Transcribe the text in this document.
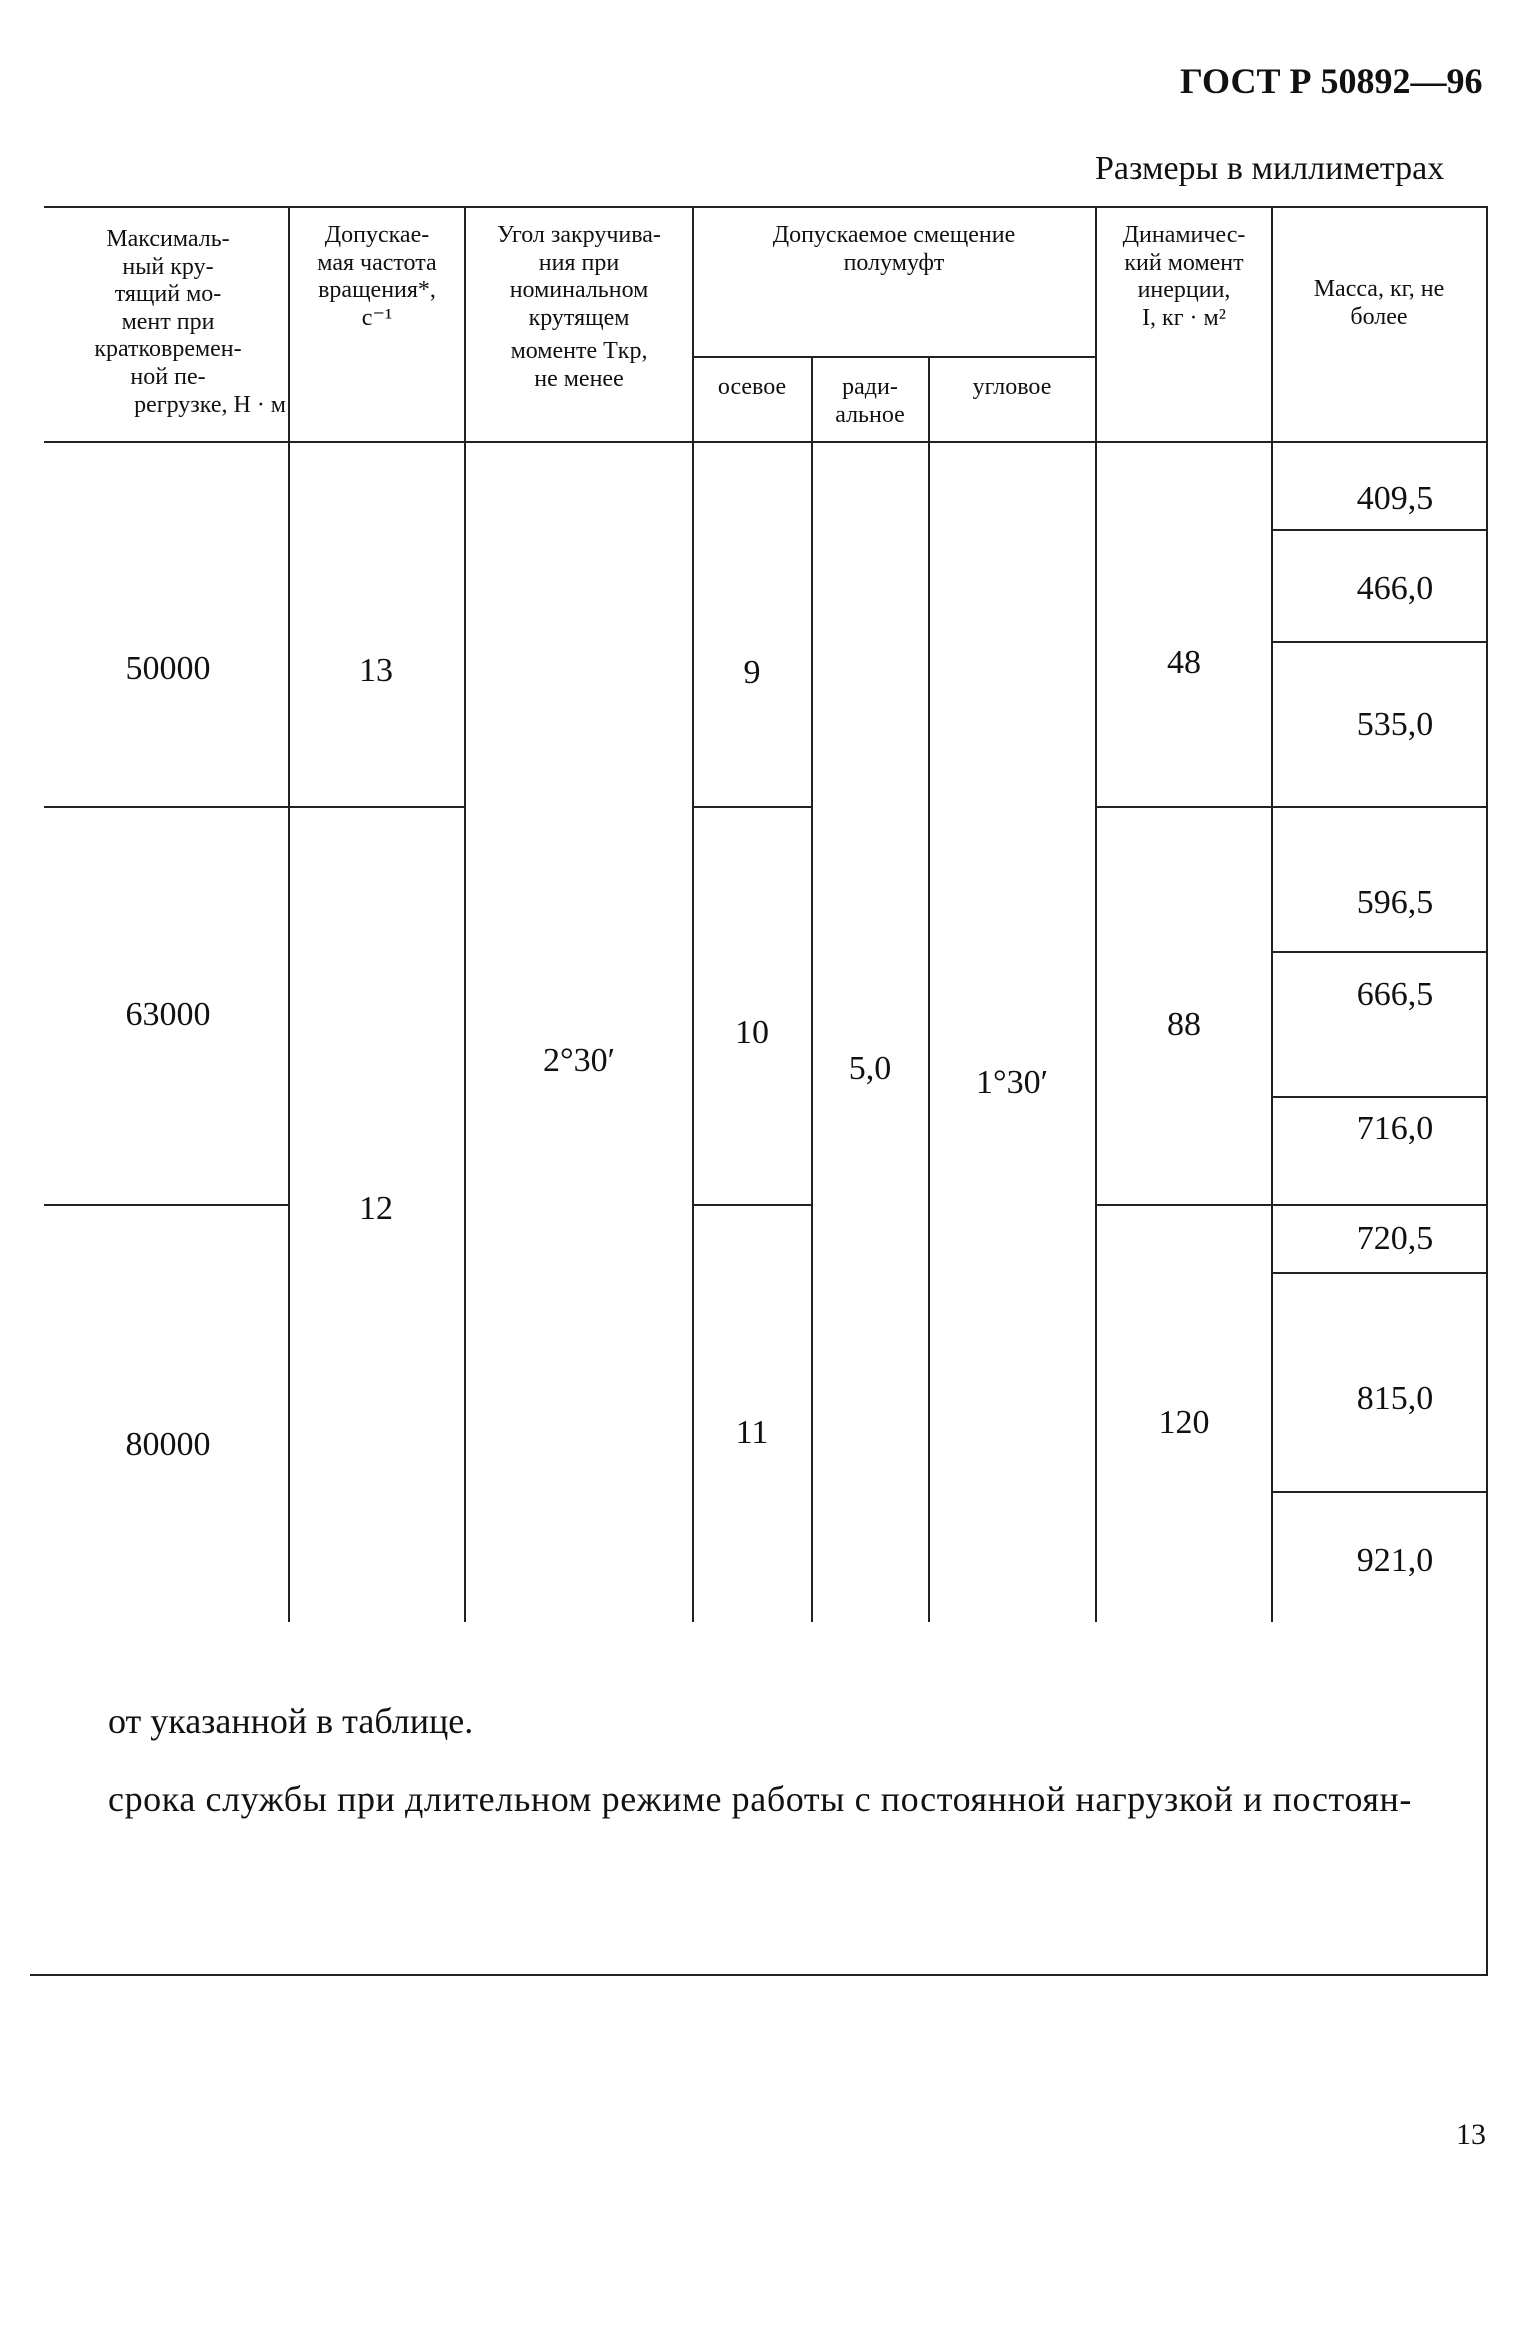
ГОСТ Р 50892—96
Размеры в миллиметрах
Максималь-
ный кру-
тящий мо-
мент при
кратковремен-
ной пе-
регрузке, Н · м
Допускае-
мая частота
вращения*,
с⁻¹
Угол закручива-
ния при
номинальном
крутящем
моменте Tкр,
не менее
Допускаемое смещение
полумуфт
осевое	ради-
альное
угловое
Динамичес-
кий момент
инерции,
I, кг · м²
Масса, кг, не
более
50000
63000
80000
13
12
2°30′
9
10
11
5,0	1°30′
48
88
120
409,5
466,0
535,0
596,5
666,5
716,0
720,5
815,0
921,0
от указанной в таблице.
срока службы при длительном режиме работы с постоянной нагрузкой и постоян-
13
